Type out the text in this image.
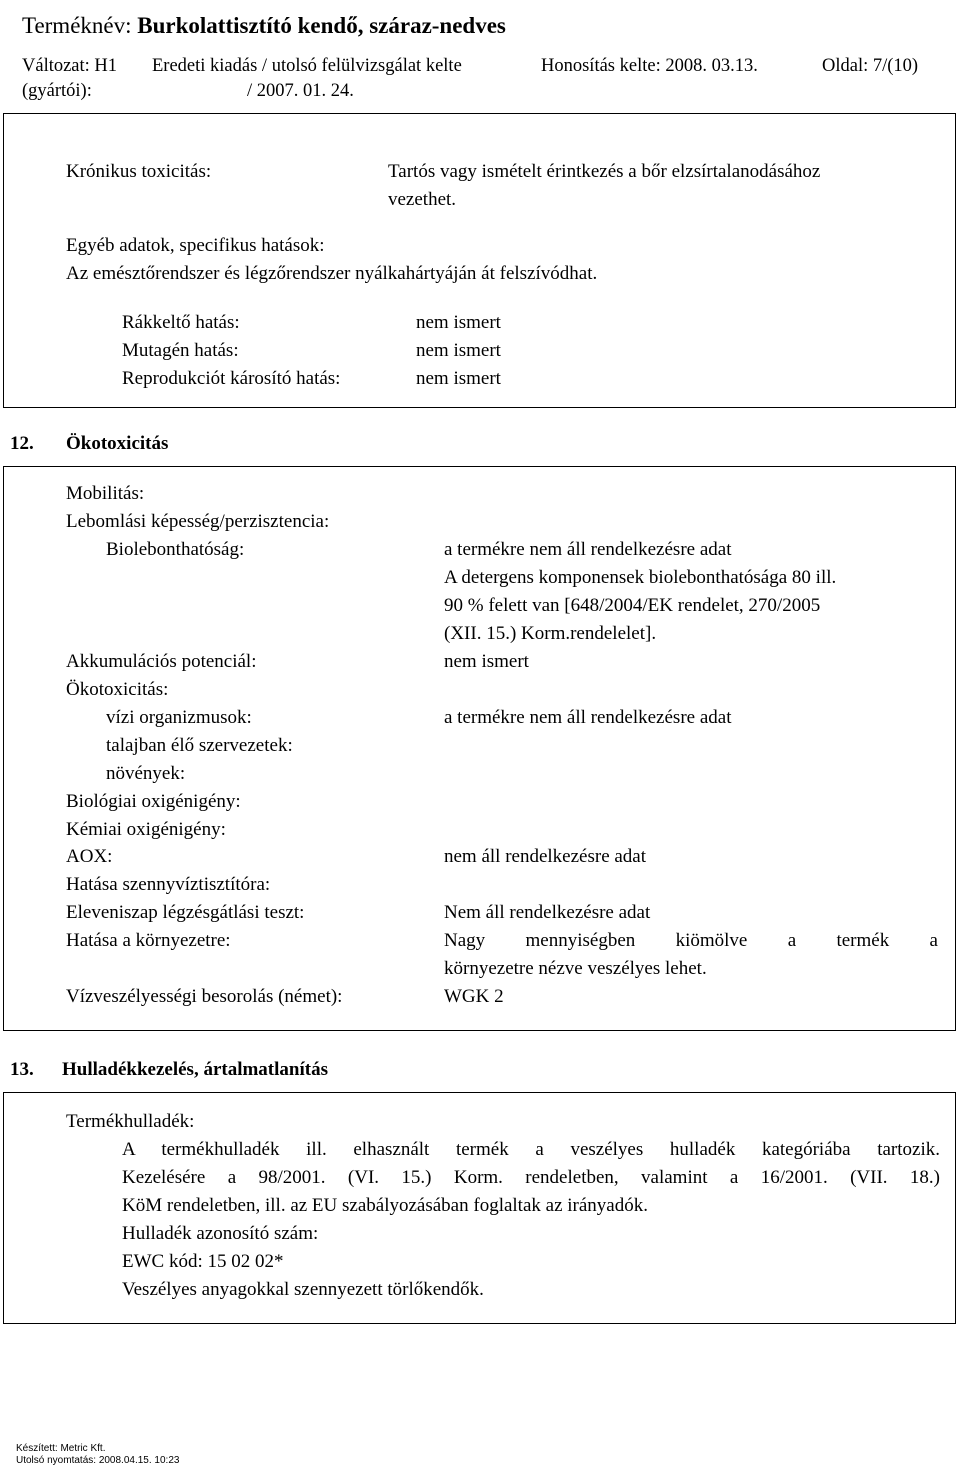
Terméknév: Burkolattisztító kendő, száraz-nedves
Változat: H1 Eredeti kiadás / utolsó felülvizsgálat kelte
(gyártói):	/ 2007. 01. 24.
Honosítás kelte: 2008. 03.13.	Oldal: 7/(10)
Krónikus toxicitás:	Tartós vagy ismételt érintkezés a bőr elzsírtalanodásához
vezethet.
Egyéb adatok, specifikus hatások:
Az emésztőrendszer és légzőrendszer nyálkahártyáján át felszívódhat.
Rákkeltő hatás:	nem ismert
Mutagén hatás:	nem ismert
Reprodukciót károsító hatás:	nem ismert
12. Ökotoxicitás
Mobilitás:
Lebomlási képesség/perzisztencia:
Biolebonthatóság:	a termékre nem áll rendelkezésre adat
A detergens komponensek biolebonthatósága 80 ill.
90 % felett van [648/2004/EK rendelet, 270/2005
(XII. 15.) Korm.rendelelet].
Akkumulációs potenciál:	nem ismert
Ökotoxicitás:
vízi organizmusok:	a termékre nem áll rendelkezésre adat
talajban élő szervezetek:
növények:
Biológiai oxigénigény:
Kémiai oxigénigény:
AOX:	nem áll rendelkezésre adat
Hatása szennyvíztisztítóra:
Eleveniszap légzésgátlási teszt:	Nem áll rendelkezésre adat
Hatása a környezetre:	Nagy mennyiségben kiömölve a termék a
környezetre nézve veszélyes lehet.
Vízveszélyességi besorolás (német):	WGK 2
13. Hulladékkezelés, ártalmatlanítás
Termékhulladék:
A termékhulladék ill. elhasznált termék a veszélyes hulladék kategóriába tartozik.
Kezelésére a 98/2001. (VI. 15.) Korm. rendeletben, valamint a 16/2001. (VII. 18.)
KöM rendeletben, ill. az EU szabályozásában foglaltak az irányadók.
Hulladék azonosító szám:
EWC kód: 15 02 02*
Veszélyes anyagokkal szennyezett törlőkendők.
Készített: Metric Kft.
Utolsó nyomtatás: 2008.04.15. 10:23
